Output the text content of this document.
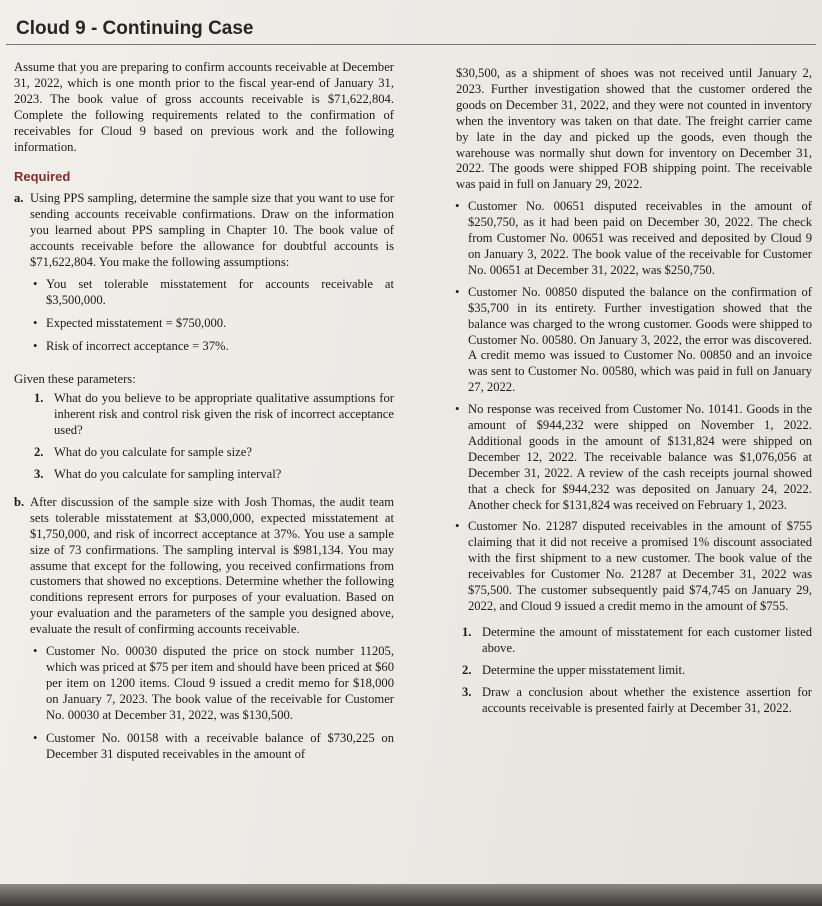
Cloud 9 - Continuing Case

Assume that you are preparing to confirm accounts receivable at December 31, 2022, which is one month prior to the fiscal year-end of January 31, 2023. The book value of gross accounts receivable is $71,622,804. Complete the following requirements related to the confirmation of receivables for Cloud 9 based on previous work and the following information.

Required
a. Using PPS sampling, determine the sample size that you want to use for sending accounts receivable confirmations. Draw on the information you learned about PPS sampling in Chapter 10. The book value of accounts receivable before the allowance for doubtful accounts is $71,622,804. You make the following assumptions:

• You set tolerable misstatement for accounts receivable at $3,500,000.
• Expected misstatement = $750,000.
• Risk of incorrect acceptance = 37%.

Given these parameters:

1. What do you believe to be appropriate qualitative assumptions for inherent risk and control risk given the risk of incorrect acceptance used?
2. What do you calculate for sample size?
3. What do you calculate for sampling interval?
b. After discussion of the sample size with Josh Thomas, the audit team sets tolerable misstatement at $3,000,000, expected misstatement at $1,750,000, and risk of incorrect acceptance at 37%. You use a sample size of 73 confirmations. The sampling interval is $981,134. You may assume that except for the following, you received confirmations from customers that showed no exceptions. Determine whether the following conditions represent errors for purposes of your evaluation. Based on your evaluation and the parameters of the sample you designed above, evaluate the result of confirming accounts receivable.

• Customer No. 00030 disputed the price on stock number 11205, which was priced at $75 per item and should have been priced at $60 per item on 1200 items. Cloud 9 issued a credit memo for $18,000 on January 7, 2023. The book value of the receivable for Customer No. 00030 at December 31, 2022, was $130,500.
• Customer No. 00158 with a receivable balance of $730,225 on December 31 disputed receivables in the amount of

$30,500, as a shipment of shoes was not received until January 2, 2023. Further investigation showed that the customer ordered the goods on December 31, 2022, and they were not counted in inventory when the inventory was taken on that date. The freight carrier came by late in the day and picked up the goods, even though the warehouse was normally shut down for inventory on December 31, 2022. The goods were shipped FOB shipping point. The receivable was paid in full on January 29, 2022.

• Customer No. 00651 disputed receivables in the amount of $250,750, as it had been paid on December 30, 2022. The check from Customer No. 00651 was received and deposited by Cloud 9 on January 3, 2022. The book value of the receivable for Customer No. 00651 at December 31, 2022, was $250,750.
• Customer No. 00850 disputed the balance on the confirmation of $35,700 in its entirety. Further investigation showed that the balance was charged to the wrong customer. Goods were shipped to Customer No. 00580. On January 3, 2022, the error was discovered. A credit memo was issued to Customer No. 00850 and an invoice was sent to Customer No. 00580, which was paid in full on January 27, 2022.
• No response was received from Customer No. 10141. Goods in the amount of $944,232 were shipped on November 1, 2022. Additional goods in the amount of $131,824 were shipped on December 12, 2022. The receivable balance was $1,076,056 at December 31, 2022. A review of the cash receipts journal showed that a check for $944,232 was deposited on January 24, 2022. Another check for $131,824 was received on February 1, 2023.
• Customer No. 21287 disputed receivables in the amount of $755 claiming that it did not receive a promised 1% discount associated with the first shipment to a new customer. The book value of the receivables for Customer No. 21287 at December 31, 2022 was $75,500. The customer subsequently paid $74,745 on January 29, 2022, and Cloud 9 issued a credit memo in the amount of $755.
1. Determine the amount of misstatement for each customer listed above.
2. Determine the upper misstatement limit.
3. Draw a conclusion about whether the existence assertion for accounts receivable is presented fairly at December 31, 2022.
